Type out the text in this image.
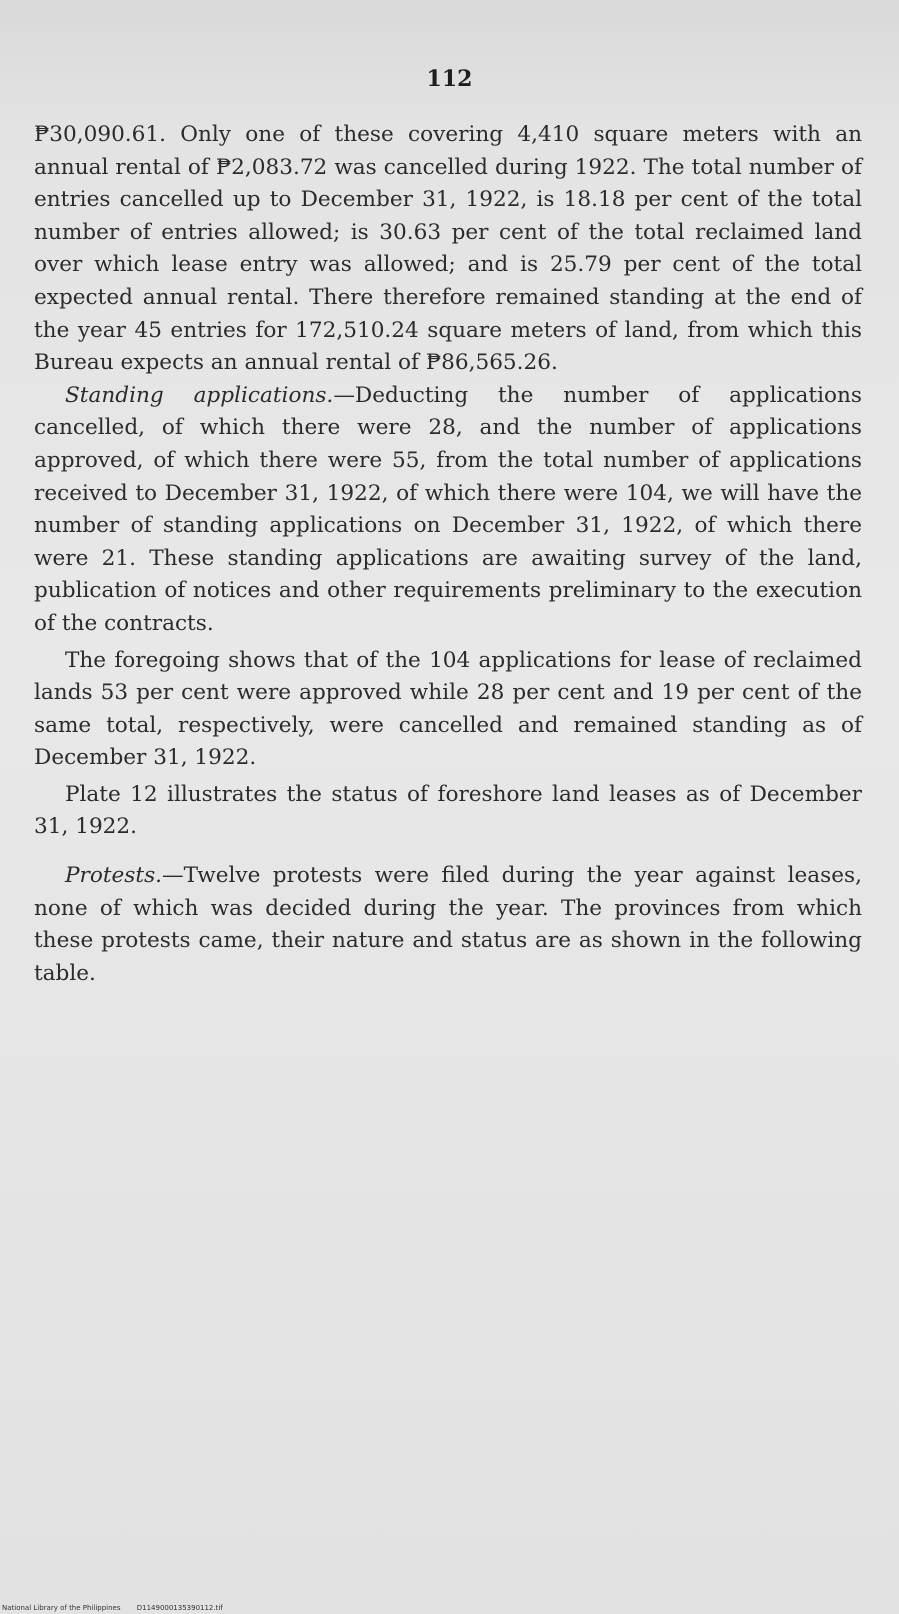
112

₱30,090.61. Only one of these covering 4,410 square meters with an annual rental of ₱2,083.72 was cancelled during 1922. The total number of entries cancelled up to December 31, 1922, is 18.18 per cent of the total number of entries allowed; is 30.63 per cent of the total reclaimed land over which lease entry was allowed; and is 25.79 per cent of the total expected annual rental. There therefore remained standing at the end of the year 45 entries for 172,510.24 square meters of land, from which this Bureau expects an annual rental of ₱86,565.26.

Standing applications.—Deducting the number of applications cancelled, of which there were 28, and the number of applications approved, of which there were 55, from the total number of applications received to December 31, 1922, of which there were 104, we will have the number of standing applications on December 31, 1922, of which there were 21. These standing applications are awaiting survey of the land, publication of notices and other requirements preliminary to the execution of the contracts.

The foregoing shows that of the 104 applications for lease of reclaimed lands 53 per cent were approved while 28 per cent and 19 per cent of the same total, respectively, were cancelled and remained standing as of December 31, 1922.

Plate 12 illustrates the status of foreshore land leases as of December 31, 1922.

Protests.—Twelve protests were filed during the year against leases, none of which was decided during the year. The provinces from which these protests came, their nature and status are as shown in the following table.

National Library of the Philippines D1149000135390112.tif
